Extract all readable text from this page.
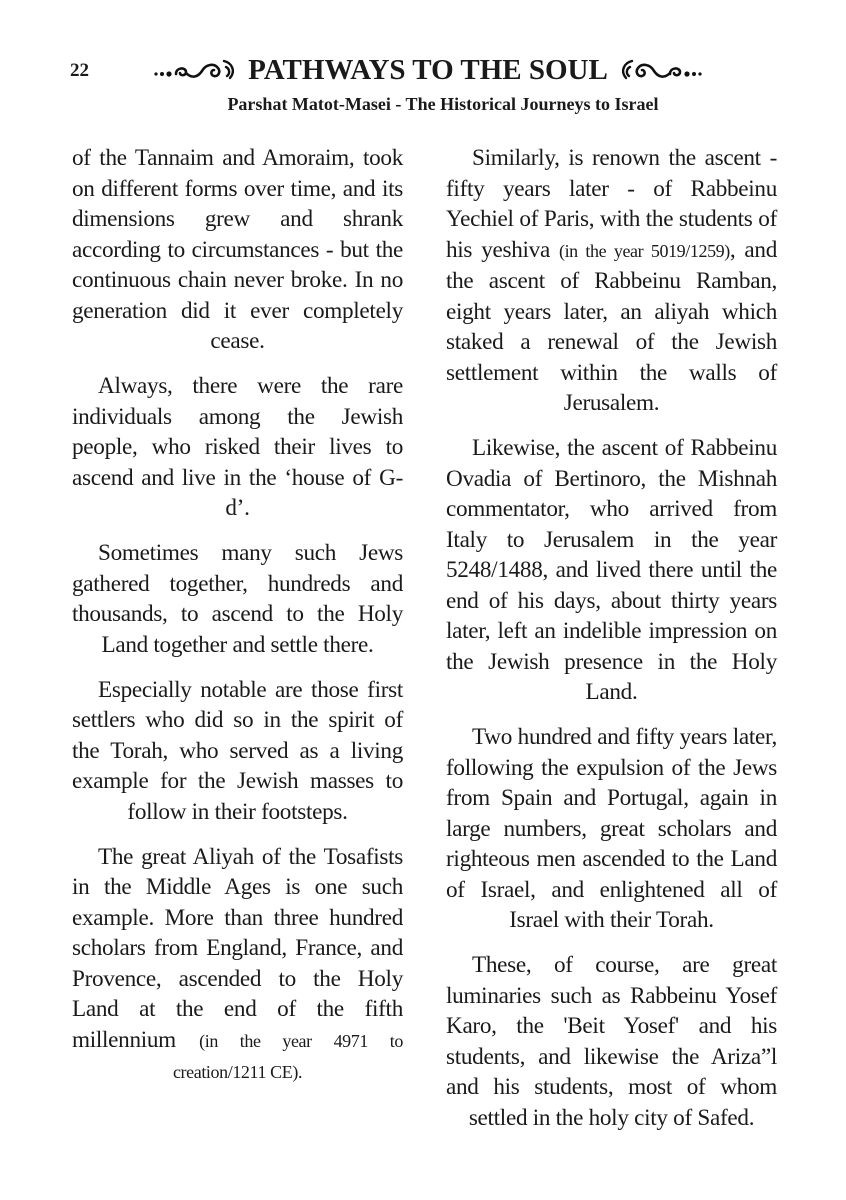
22	PATHWAYS TO THE SOUL
Parshat Matot-Masei - The Historical Journeys to Israel

of the Tannaim and Amoraim, took on different forms over time, and its dimensions grew and shrank according to circumstances - but the continuous chain never broke. In no generation did it ever completely cease.

Always, there were the rare individuals among the Jewish people, who risked their lives to ascend and live in the ‘house of G-d’.

Sometimes many such Jews gathered together, hundreds and thousands, to ascend to the Holy Land together and settle there.

Especially notable are those first settlers who did so in the spirit of the Torah, who served as a living example for the Jewish masses to follow in their footsteps.

The great Aliyah of the Tosafists in the Middle Ages is one such example. More than three hundred scholars from England, France, and Provence, ascended to the Holy Land at the end of the fifth millennium (in the year 4971 to creation/1211 CE).

Similarly, is renown the ascent - fifty years later - of Rabbeinu Yechiel of Paris, with the students of his yeshiva (in the year 5019/1259), and the ascent of Rabbeinu Ramban, eight years later, an aliyah which staked a renewal of the Jewish settlement within the walls of Jerusalem.

Likewise, the ascent of Rabbeinu Ovadia of Bertinoro, the Mishnah commentator, who arrived from Italy to Jerusalem in the year 5248/1488, and lived there until the end of his days, about thirty years later, left an indelible impression on the Jewish presence in the Holy Land.

Two hundred and fifty years later, following the expulsion of the Jews from Spain and Portugal, again in large numbers, great scholars and righteous men ascended to the Land of Israel, and enlightened all of Israel with their Torah.

These, of course, are great luminaries such as Rabbeinu Yosef Karo, the 'Beit Yosef' and his students, and likewise the Ariza”l and his students, most of whom settled in the holy city of Safed.
